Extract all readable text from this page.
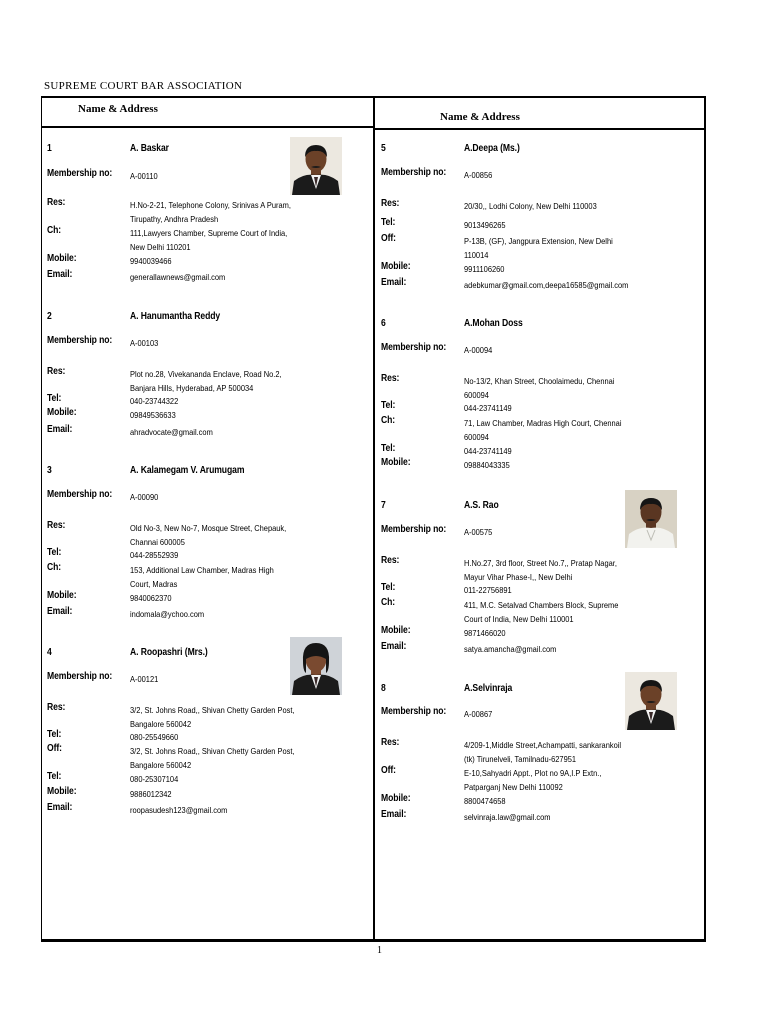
SUPREME COURT BAR ASSOCIATION
Name & Address
Name & Address
1	A. Baskar
Membership no: A-00110
Res:	H.No-2-21, Telephone Colony, Srinivas A Puram,
Tirupathy, Andhra Pradesh
Ch:	111,Lawyers Chamber, Supreme Court of India,
New Delhi 110201
Mobile:	9940039466
Email:	generallawnews@gmail.com
2	A. Hanumantha Reddy
Membership no: A-00103
Res:	Plot no.28, Vivekananda Enclave, Road No.2,
Banjara Hills, Hyderabad, AP 500034
Tel:	040-23744322
Mobile:	09849536633
Email:	ahradvocate@gmail.com
3	A. Kalamegam V. Arumugam
Membership no: A-00090
Res:	Old No-3, New No-7, Mosque Street, Chepauk,
Channai 600005
Tel:	044-28552939
Ch:	153, Additional Law Chamber, Madras High
Court, Madras
Mobile:	9840062370
Email:	indomala@ychoo.com
4	A. Roopashri (Mrs.)
Membership no: A-00121
Res:	3/2, St. Johns Road,, Shivan Chetty Garden Post,
Bangalore 560042
Tel:	080-25549660
Off:	3/2, St. Johns Road,, Shivan Chetty Garden Post,
Bangalore 560042
Tel:	080-25307104
Mobile:	9886012342
Email:	roopasudesh123@gmail.com
5	A.Deepa (Ms.)
Membership no: A-00856
Res:	20/30,, Lodhi Colony, New Delhi 110003
Tel:	9013496265
Off:	P-13B, (GF), Jangpura Extension, New Delhi
110014
Mobile:	9911106260
Email:	adebkumar@gmail.com,deepa16585@gmail.com
6	A.Mohan Doss
Membership no: A-00094
Res:	No-13/2, Khan Street, Choolaimedu, Chennai
600094
Tel:	044-23741149
Ch:	71, Law Chamber, Madras High Court, Chennai
600094
Tel:	044-23741149
Mobile:	09884043335
7	A.S. Rao
Membership no: A-00575
Res:	H.No.27, 3rd floor, Street No.7,, Pratap Nagar,
Mayur Vihar Phase-I,, New Delhi
Tel:	011-22756891
Ch:	411, M.C. Setalvad Chambers Block, Supreme
Court of India, New Delhi 110001
Mobile:	9871466020
Email:	satya.amancha@gmail.com
8	A.Selvinraja
Membership no: A-00867
Res:	4/209-1,Middle Street,Achampatti, sankarankoil
(tk) Tirunelveli, Tamilnadu-627951
Off:	E-10,Sahyadri Appt., Plot no 9A,I.P Extn.,
Patparganj New Delhi 110092
Mobile:	8800474658
Email:	selvinraja.law@gmail.com
1
